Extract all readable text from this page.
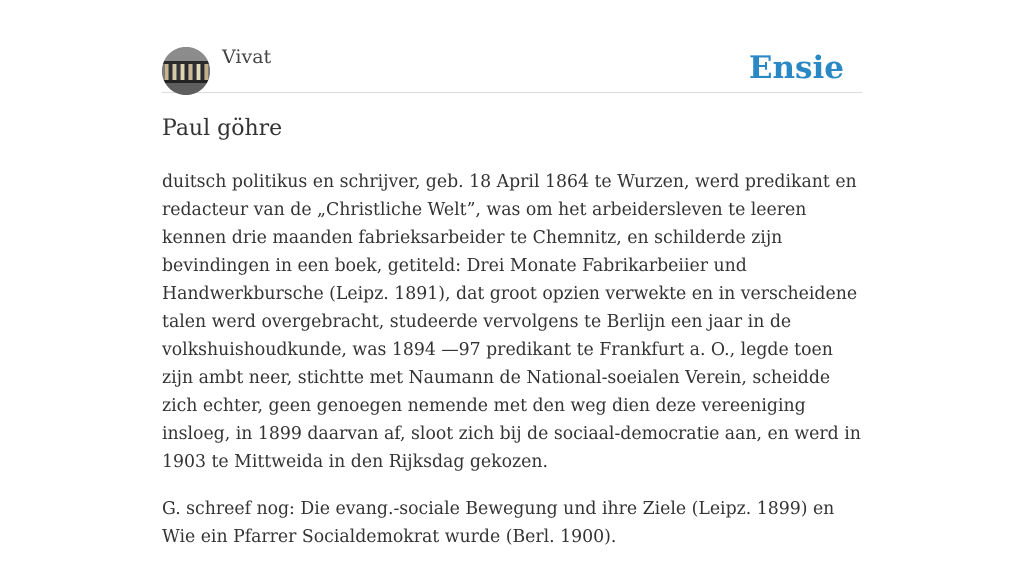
Vivat	Ensie
Paul göhre

duitsch politikus en schrijver, geb. 18 April 1864 te Wurzen, werd predikant en redacteur van de „Christliche Welt”, was om het arbeidersleven te leeren kennen drie maanden fabrieksarbeider te Chemnitz, en schilderde zijn bevindingen in een boek, getiteld: Drei Monate Fabrikarbeiier und Handwerkbursche (Leipz. 1891), dat groot opzien verwekte en in verscheidene talen werd overgebracht, studeerde vervolgens te Berlijn een jaar in de volkshuishoudkunde, was 1894 —97 predikant te Frankfurt a. O., legde toen zijn ambt neer, stichtte met Naumann de National-soeialen Verein, scheidde zich echter, geen genoegen nemende met den weg dien deze vereeniging insloeg, in 1899 daarvan af, sloot zich bij de sociaal-democratie aan, en werd in 1903 te Mittweida in den Rijksdag gekozen.

G. schreef nog: Die evang.-sociale Bewegung und ihre Ziele (Leipz. 1899) en Wie ein Pfarrer Socialdemokrat wurde (Berl. 1900).
